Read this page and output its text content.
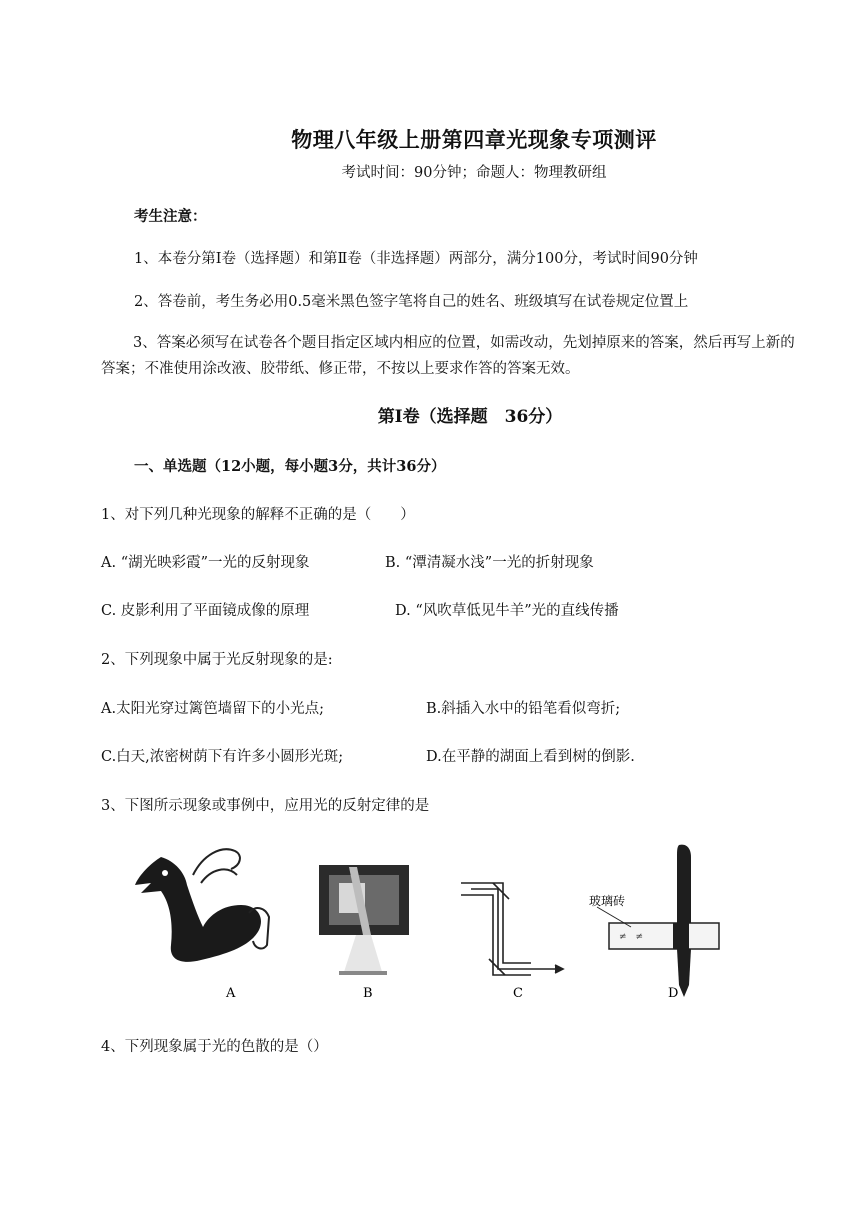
物理八年级上册第四章光现象专项测评
考试时间：90分钟；命题人：物理教研组
考生注意：
1、本卷分第Ⅰ卷（选择题）和第Ⅱ卷（非选择题）两部分，满分100分，考试时间90分钟
2、答卷前，考生务必用0.5毫米黑色签字笔将自己的姓名、班级填写在试卷规定位置上
3、答案必须写在试卷各个题目指定区域内相应的位置，如需改动，先划掉原来的答案，然后再写上新的答案；不准使用涂改液、胶带纸、修正带，不按以上要求作答的答案无效。
第Ⅰ卷（选择题　36分）
一、单选题（12小题，每小题3分，共计36分）
1、对下列几种光现象的解释不正确的是（　　）
A. “湖光映彩霞”一光的反射现象	B. “潭清凝水浅”一光的折射现象
C. 皮影利用了平面镜成像的原理	D. “风吹草低见牛羊”光的直线传播
2、下列现象中属于光反射现象的是:
A.太阳光穿过篱笆墙留下的小光点;	B.斜插入水中的铅笔看似弯折;
C.白天,浓密树荫下有许多小圆形光斑;	D.在平静的湖面上看到树的倒影.
3、下图所示现象或事例中，应用光的反射定律的是
A	B	C
≠　≠
玻璃砖
D
4、下列现象属于光的色散的是（）
